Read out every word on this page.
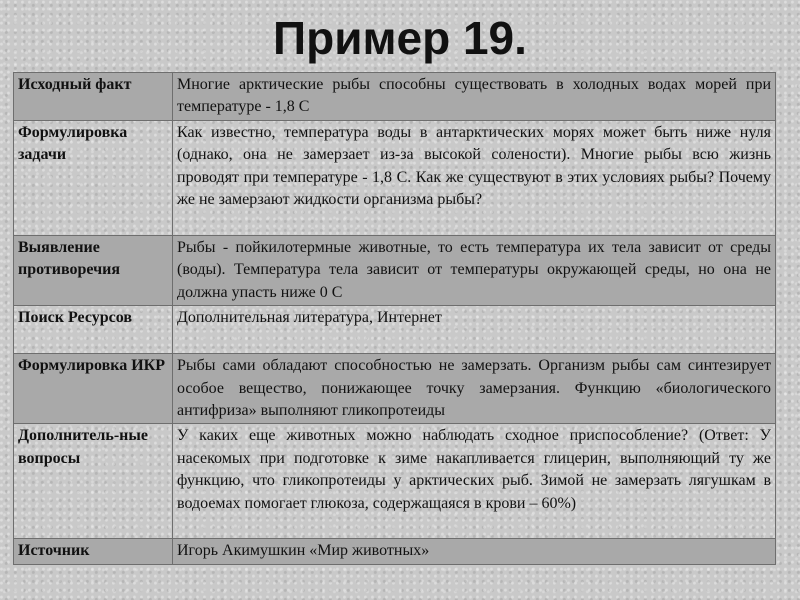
Пример 19.
Исходный факт	Многие арктические рыбы способны существовать в холодных водах морей при температуре - 1,8 С
Формулировка задачи	Как известно, температура воды в антарктических морях может быть ниже нуля (однако, она не замерзает из-за высокой солености). Многие рыбы всю жизнь проводят при температуре - 1,8 С. Как же существуют в этих условиях рыбы? Почему же не замерзают жидкости организма рыбы?
Выявление противоречия	Рыбы - пойкилотермные животные, то есть температура их тела зависит от среды (воды). Температура тела зависит от температуры окружающей среды, но она не должна упасть ниже 0 С
Поиск Ресурсов	Дополнительная литература, Интернет
Формулировка ИКР	Рыбы сами обладают способностью не замерзать. Организм рыбы сам синтезирует особое вещество, понижающее точку замерзания. Функцию «биологического антифриза» выполняют гликопротеиды
Дополнитель-ные вопросы	У каких еще животных можно наблюдать сходное приспособление? (Ответ: У насекомых при подготовке к зиме накапливается глицерин, выполняющий ту же функцию, что гликопротеиды у арктических рыб. Зимой не замерзать лягушкам в водоемах помогает глюкоза, содержащаяся в крови – 60%)
Источник	Игорь Акимушкин «Мир животных»
